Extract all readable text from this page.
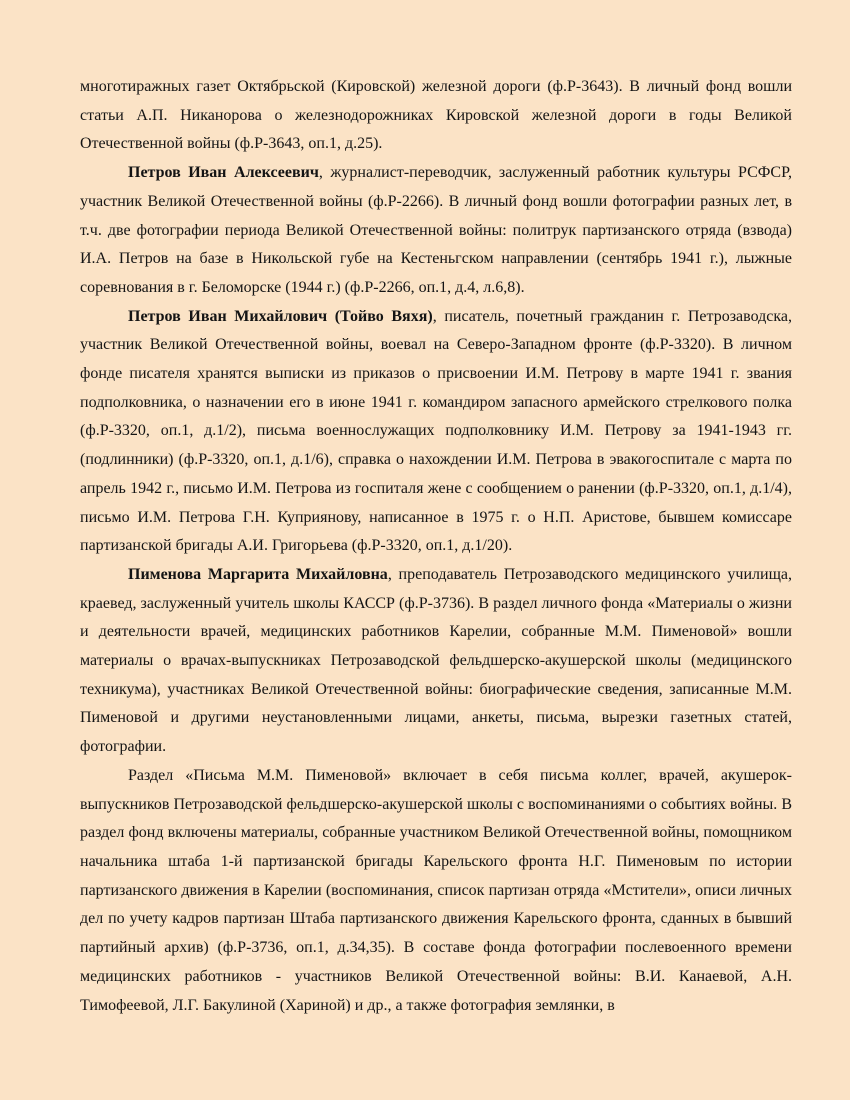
многотиражных газет Октябрьской (Кировской) железной дороги (ф.Р-3643). В личный фонд вошли статьи А.П. Никанорова о железнодорожниках Кировской железной дороги в годы Великой Отечественной войны (ф.Р-3643, оп.1, д.25).

Петров Иван Алексеевич, журналист-переводчик, заслуженный работник культуры РСФСР, участник Великой Отечественной войны (ф.Р-2266). В личный фонд вошли фотографии разных лет, в т.ч. две фотографии периода Великой Отечественной войны: политрук партизанского отряда (взвода) И.А. Петров на базе в Никольской губе на Кестеньгском направлении (сентябрь 1941 г.), лыжные соревнования в г. Беломорске (1944 г.) (ф.Р-2266, оп.1, д.4, л.6,8).

Петров Иван Михайлович (Тойво Вяхя), писатель, почетный гражданин г. Петрозаводска, участник Великой Отечественной войны, воевал на Северо-Западном фронте (ф.Р-3320). В личном фонде писателя хранятся выписки из приказов о присвоении И.М. Петрову в марте 1941 г. звания подполковника, о назначении его в июне 1941 г. командиром запасного армейского стрелкового полка (ф.Р-3320, оп.1, д.1/2), письма военнослужащих подполковнику И.М. Петрову за 1941-1943 гг. (подлинники) (ф.Р-3320, оп.1, д.1/6), справка о нахождении И.М. Петрова в эвакогоспитале с марта по апрель 1942 г., письмо И.М. Петрова из госпиталя жене с сообщением о ранении (ф.Р-3320, оп.1, д.1/4), письмо И.М. Петрова Г.Н. Куприянову, написанное в 1975 г. о Н.П. Аристове, бывшем комиссаре партизанской бригады А.И. Григорьева (ф.Р-3320, оп.1, д.1/20).

Пименова Маргарита Михайловна, преподаватель Петрозаводского медицинского училища, краевед, заслуженный учитель школы КАССР (ф.Р-3736). В раздел личного фонда «Материалы о жизни и деятельности врачей, медицинских работников Карелии, собранные М.М. Пименовой» вошли материалы о врачах-выпускниках Петрозаводской фельдшерско-акушерской школы (медицинского техникума), участниках Великой Отечественной войны: биографические сведения, записанные М.М. Пименовой и другими неустановленными лицами, анкеты, письма, вырезки газетных статей, фотографии.

Раздел «Письма М.М. Пименовой» включает в себя письма коллег, врачей, акушерок-выпускников Петрозаводской фельдшерско-акушерской школы с воспоминаниями о событиях войны. В раздел фонд включены материалы, собранные участником Великой Отечественной войны, помощником начальника штаба 1-й партизанской бригады Карельского фронта Н.Г. Пименовым по истории партизанского движения в Карелии (воспоминания, список партизан отряда «Мстители», описи личных дел по учету кадров партизан Штаба партизанского движения Карельского фронта, сданных в бывший партийный архив) (ф.Р-3736, оп.1, д.34,35). В составе фонда фотографии послевоенного времени медицинских работников - участников Великой Отечественной войны: В.И. Канаевой, А.Н. Тимофеевой, Л.Г. Бакулиной (Хариной) и др., а также фотография землянки, в
